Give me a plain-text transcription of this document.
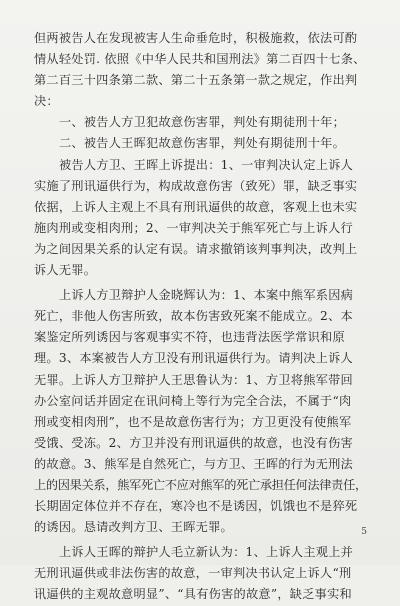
但两被告人在发现被害人生命垂危时，积极施救，依法可酌
情从轻处罚. 依照《中华人民共和国刑法》第二百四十七条、
第二百三十四条第二款、第二十五条第一款之规定，作出判
决：
一、被告人方卫犯故意伤害罪，判处有期徒刑十年；
二、被告人王晖犯故意伤害罪，判处有期徒刑十年。
被告人方卫、王晖上诉提出：1、一审判决认定上诉人
实施了刑讯逼供行为，构成故意伤害（致死）罪，缺乏事实
依据，上诉人主观上不具有刑讯逼供的故意，客观上也未实
施肉刑或变相肉刑；2、一审判决关于熊军死亡与上诉人行
为之间因果关系的认定有误。请求撤销该判事判决，改判上
诉人无罪。
上诉人方卫辩护人金晓辉认为：1、本案中熊军系因病
死亡，非他人伤害所致，故本伤害致死案不能成立。2、本
案鉴定所列诱因与客观事实不符，也违背法医学常识和原
理。3、本案被告人方卫没有刑讯逼供行为。请判决上诉人
无罪。上诉人方卫辩护人王思鲁认为：1、方卫将熊军带回
办公室问话并固定在讯问椅上等行为完全合法，不属于“肉
刑或变相肉刑”，也不是故意伤害行为；方卫更没有使熊军
受饿、受冻。2、方卫并没有刑讯逼供的故意，也没有伤害
的故意。3、熊军是自然死亡，与方卫、王晖的行为无刑法
上的因果关系，熊军死亡不应对熊军的死亡承担任何法律责任，
长期固定体位并不存在，寒冷也不是诱因，饥饿也不是猝死
的诱因。恳请改判方卫、王晖无罪。
上诉人王晖的辩护人毛立新认为：1、上诉人主观上并
无刑讯逼供或非法伤害的故意，一审判决书认定上诉人“刑
讯逼供的主观故意明显”、“具有伤害的故意”，缺乏事实和
5
